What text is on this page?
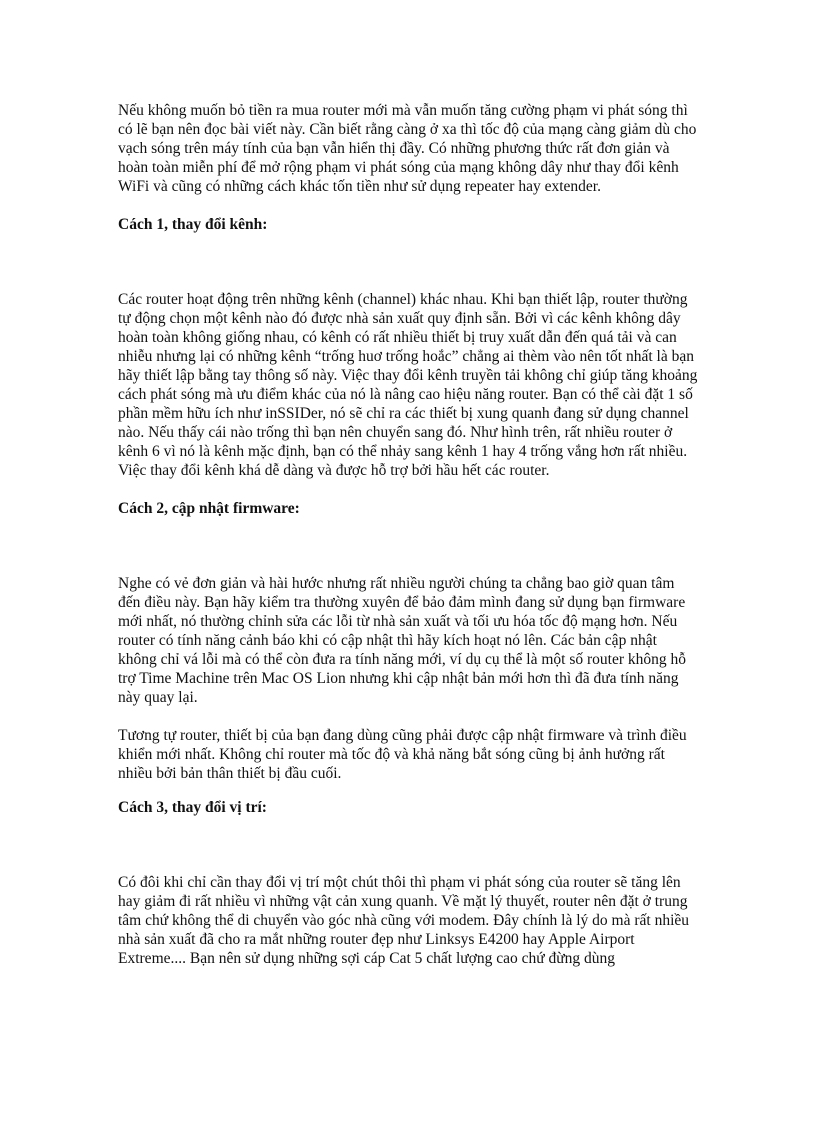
Nếu không muốn bỏ tiền ra mua router mới mà vẫn muốn tăng cường phạm vi phát sóng thì có lẽ bạn nên đọc bài viết này. Cần biết rằng càng ở xa thì tốc độ của mạng càng giảm dù cho vạch sóng trên máy tính của bạn vẫn hiển thị đầy. Có những phương thức rất đơn giản và hoàn toàn miễn phí để mở rộng phạm vi phát sóng của mạng không dây như thay đổi kênh WiFi và cũng có những cách khác tốn tiền như sử dụng repeater hay extender.

Cách 1, thay đổi kênh:

Các router hoạt động trên những kênh (channel) khác nhau. Khi bạn thiết lập, router thường tự động chọn một kênh nào đó được nhà sản xuất quy định sẵn. Bởi vì các kênh không dây hoàn toàn không giống nhau, có kênh có rất nhiều thiết bị truy xuất dẫn đến quá tải và can nhiễu nhưng lại có những kênh “trống huơ trống hoắc” chẳng ai thèm vào nên tốt nhất là bạn hãy thiết lập bằng tay thông số này. Việc thay đổi kênh truyền tải không chỉ giúp tăng khoảng cách phát sóng mà ưu điểm khác của nó là nâng cao hiệu năng router. Bạn có thể cài đặt 1 số phần mềm hữu ích như inSSIDer, nó sẽ chỉ ra các thiết bị xung quanh đang sử dụng channel nào. Nếu thấy cái nào trống thì bạn nên chuyển sang đó. Như hình trên, rất nhiều router ở kênh 6 vì nó là kênh mặc định, bạn có thể nhảy sang kênh 1 hay 4 trống vắng hơn rất nhiều. Việc thay đổi kênh khá dễ dàng và được hỗ trợ bởi hầu hết các router.

Cách 2, cập nhật firmware:

Nghe có vẻ đơn giản và hài hước nhưng rất nhiều người chúng ta chẳng bao giờ quan tâm đến điều này. Bạn hãy kiểm tra thường xuyên để bảo đảm mình đang sử dụng bạn firmware mới nhất, nó thường chỉnh sửa các lỗi từ nhà sản xuất và tối ưu hóa tốc độ mạng hơn. Nếu router có tính năng cảnh báo khi có cập nhật thì hãy kích hoạt nó lên. Các bản cập nhật không chỉ vá lỗi mà có thể còn đưa ra tính năng mới, ví dụ cụ thể là một số router không hỗ trợ Time Machine trên Mac OS Lion nhưng khi cập nhật bản mới hơn thì đã đưa tính năng này quay lại.

Tương tự router, thiết bị của bạn đang dùng cũng phải được cập nhật firmware và trình điều khiển mới nhất. Không chỉ router mà tốc độ và khả năng bắt sóng cũng bị ảnh hưởng rất nhiều bởi bản thân thiết bị đầu cuối.

Cách 3, thay đổi vị trí:

Có đôi khi chỉ cần thay đổi vị trí một chút thôi thì phạm vi phát sóng của router sẽ tăng lên hay giảm đi rất nhiều vì những vật cản xung quanh. Về mặt lý thuyết, router nên đặt ở trung tâm chứ không thể di chuyển vào góc nhà cũng với modem. Đây chính là lý do mà rất nhiều nhà sản xuất đã cho ra mắt những router đẹp như Linksys E4200 hay Apple Airport Extreme.... Bạn nên sử dụng những sợi cáp Cat 5 chất lượng cao chứ đừng dùng
